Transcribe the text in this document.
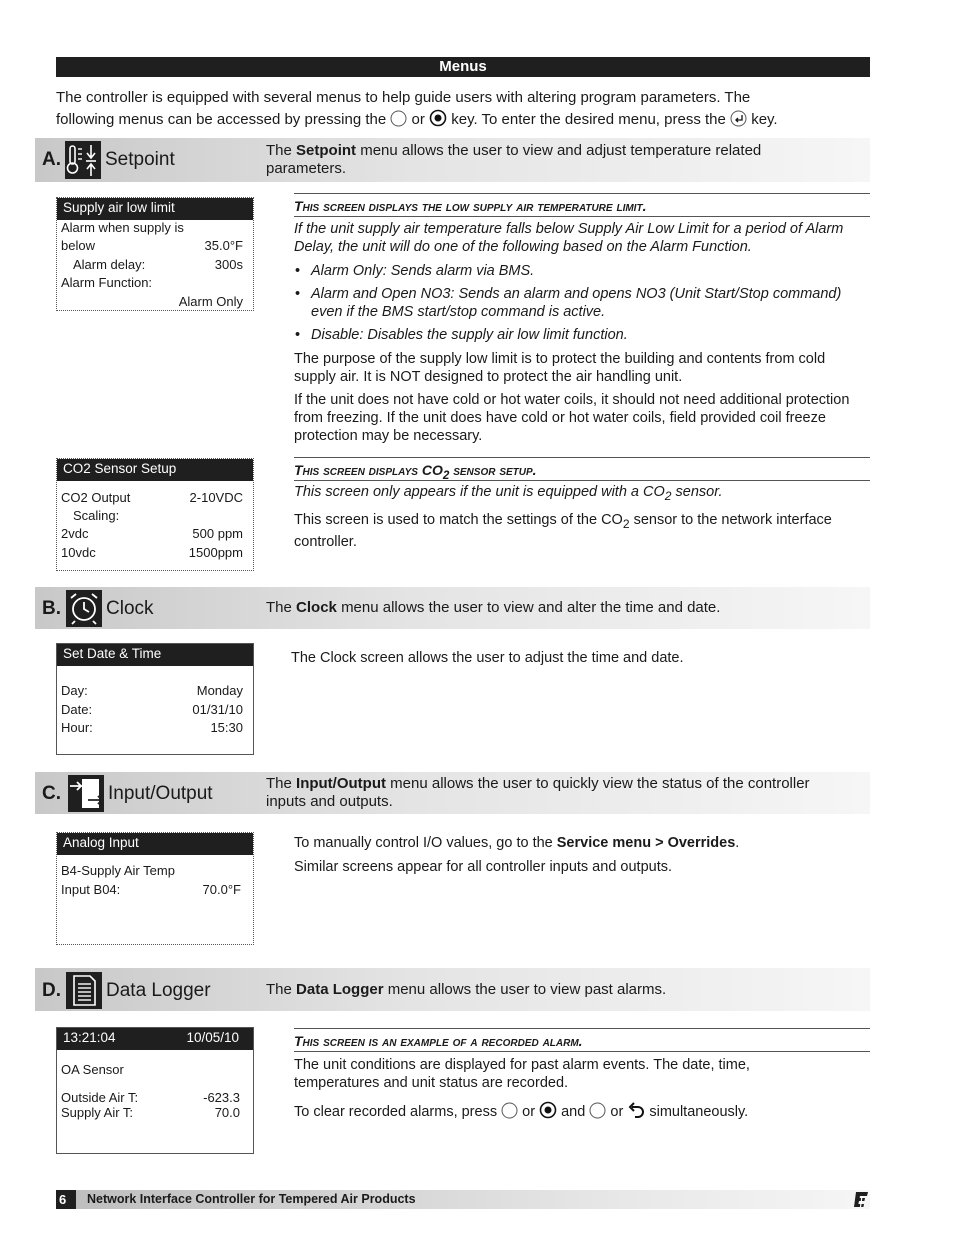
Menus
The controller is equipped with several menus to help guide users with altering program parameters. The
following menus can be accessed by pressing the or key. To enter the desired menu, press the key.
A. Setpoint	The Setpoint menu allows the user to view and adjust temperature related
parameters.
Supply air low limit
Alarm when supply is
below	35.0°F
Alarm delay:	300s
Alarm Function:
Alarm Only
This screen displays the low supply air temperature limit.
If the unit supply air temperature falls below Supply Air Low Limit for a period of Alarm Delay, the unit will do one of the following based on the Alarm Function.
• Alarm Only: Sends alarm via BMS.
• Alarm and Open NO3: Sends an alarm and opens NO3 (Unit Start/Stop command) even if the BMS start/stop command is active.
• Disable: Disables the supply air low limit function.
The purpose of the supply low limit is to protect the building and contents from cold supply air. It is NOT designed to protect the air handling unit.
If the unit does not have cold or hot water coils, it should not need additional protection from freezing. If the unit does have cold or hot water coils, field provided coil freeze protection may be necessary.
CO2 Sensor Setup
CO2 Output	2-10VDC
Scaling:
2vdc	500 ppm
10vdc	1500ppm
This screen displays $CO_2$ sensor setup.
This screen only appears if the unit is equipped with a $CO_2$ sensor.
This screen is used to match the settings of the $CO_2$ sensor to the network interface controller.
B. Clock	The Clock menu allows the user to view and alter the time and date.
Set Date & Time
Day:	Monday
Date:	01/31/10
Hour:	15:30
The Clock screen allows the user to adjust the time and date.
C. Input/Output	The Input/Output menu allows the user to quickly view the status of the controller
inputs and outputs.
Analog Input
B4-Supply Air Temp
Input B04:	70.0°F
To manually control I/O values, go to the Service menu > Overrides.
Similar screens appear for all controller inputs and outputs.
D. Data Logger	The Data Logger menu allows the user to view past alarms.
13:21:04	10/05/10
OA Sensor
Outside Air T:	-623.3
Supply Air T:	70.0
This screen is an example of a recorded alarm.
The unit conditions are displayed for past alarm events. The date, time, temperatures and unit status are recorded.
To clear recorded alarms, press or and or simultaneously.
6	Network Interface Controller for Tempered Air Products
